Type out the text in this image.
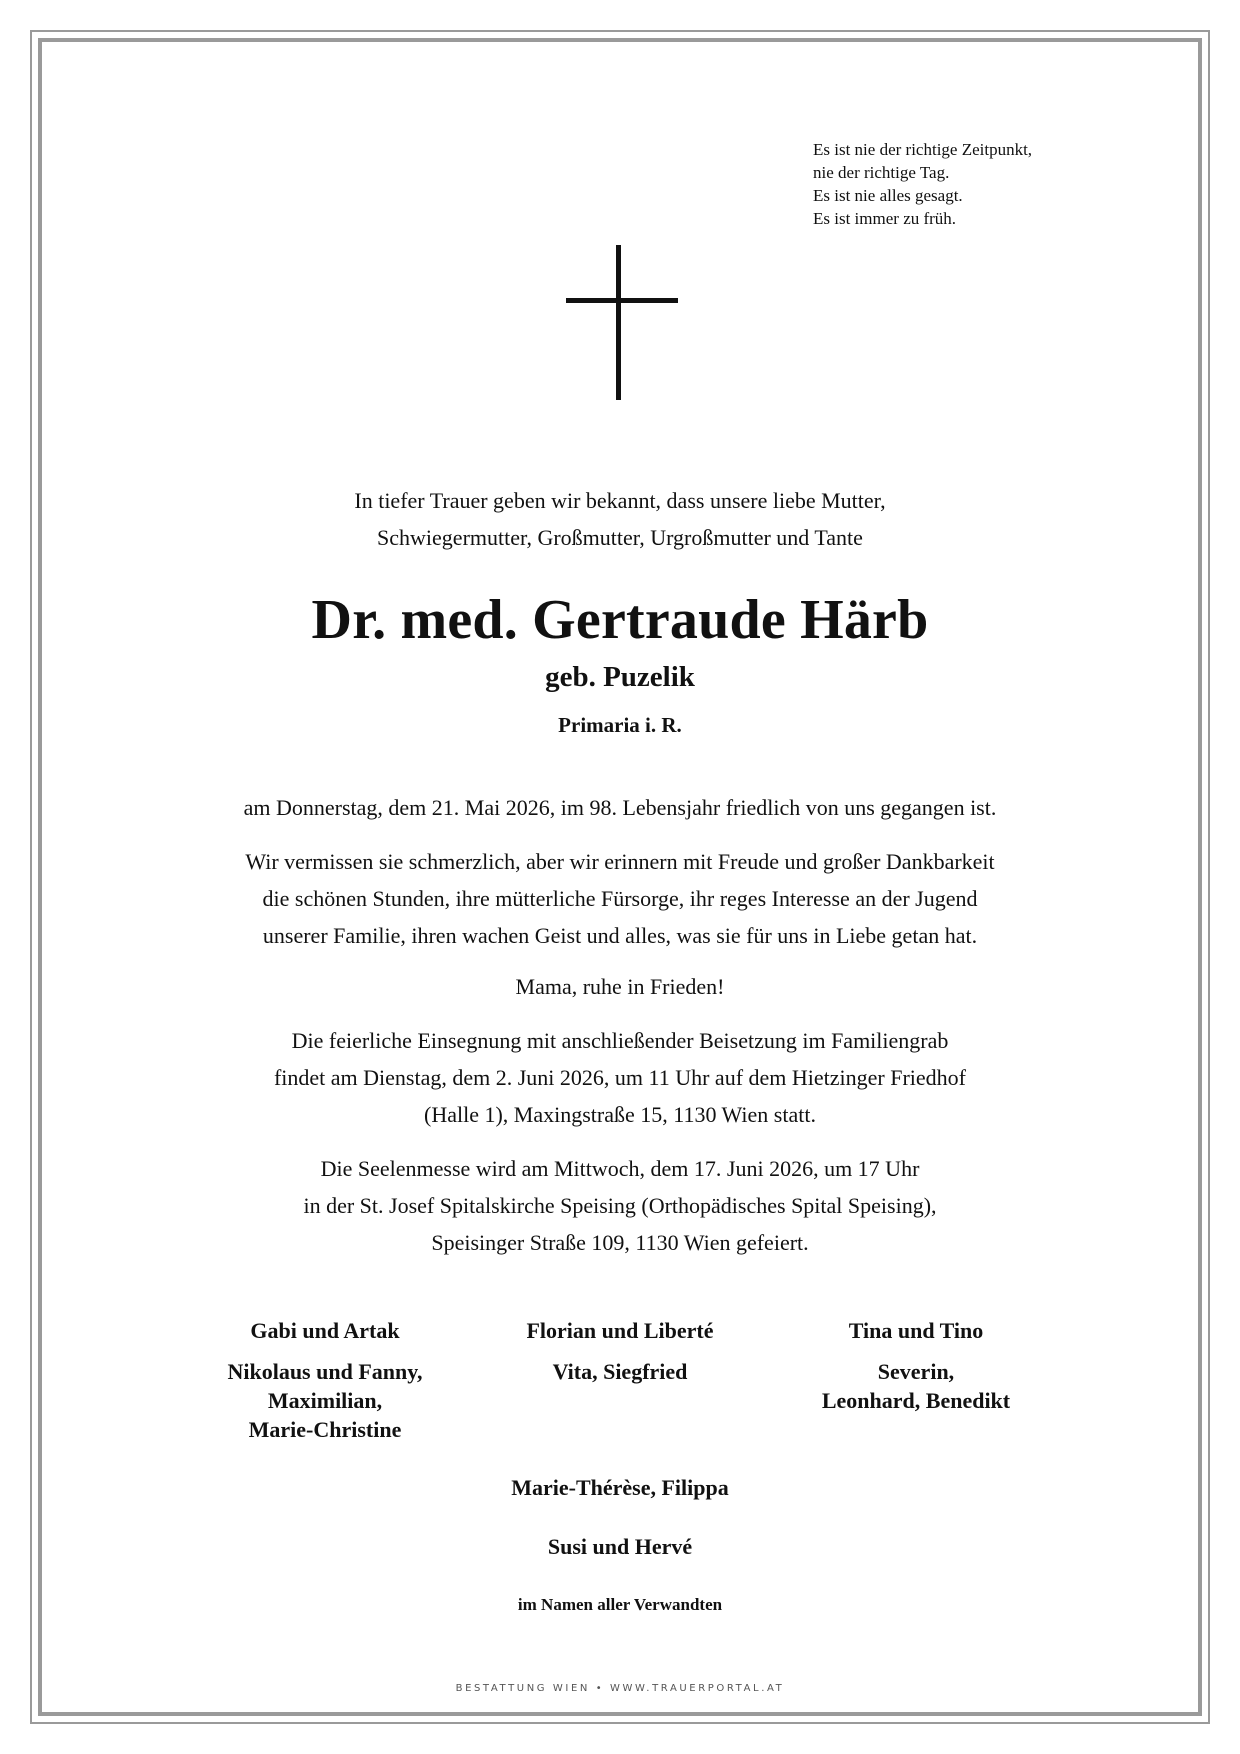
Es ist nie der richtige Zeitpunkt,
nie der richtige Tag.
Es ist nie alles gesagt.
Es ist immer zu früh.
In tiefer Trauer geben wir bekannt, dass unsere liebe Mutter,
Schwiegermutter, Großmutter, Urgroßmutter und Tante
Dr. med. Gertraude Härb
geb. Puzelik
Primaria i. R.
am Donnerstag, dem 21. Mai 2026, im 98. Lebensjahr friedlich von uns gegangen ist.
Wir vermissen sie schmerzlich, aber wir erinnern mit Freude und großer Dankbarkeit
die schönen Stunden, ihre mütterliche Fürsorge, ihr reges Interesse an der Jugend
unserer Familie, ihren wachen Geist und alles, was sie für uns in Liebe getan hat.
Mama, ruhe in Frieden!
Die feierliche Einsegnung mit anschließender Beisetzung im Familiengrab
findet am Dienstag, dem 2. Juni 2026, um 11 Uhr auf dem Hietzinger Friedhof
(Halle 1), Maxingstraße 15, 1130 Wien statt.
Die Seelenmesse wird am Mittwoch, dem 17. Juni 2026, um 17 Uhr
in der St. Josef Spitalskirche Speising (Orthopädisches Spital Speising),
Speisinger Straße 109, 1130 Wien gefeiert.
Gabi und Artak
Nikolaus und Fanny,
Maximilian,
Marie-Christine
Florian und Liberté
Vita, Siegfried
Tina und Tino
Severin,
Leonhard, Benedikt
Marie-Thérèse, Filippa
Susi und Hervé
im Namen aller Verwandten
BESTATTUNG WIEN • WWW.TRAUERPORTAL.AT
